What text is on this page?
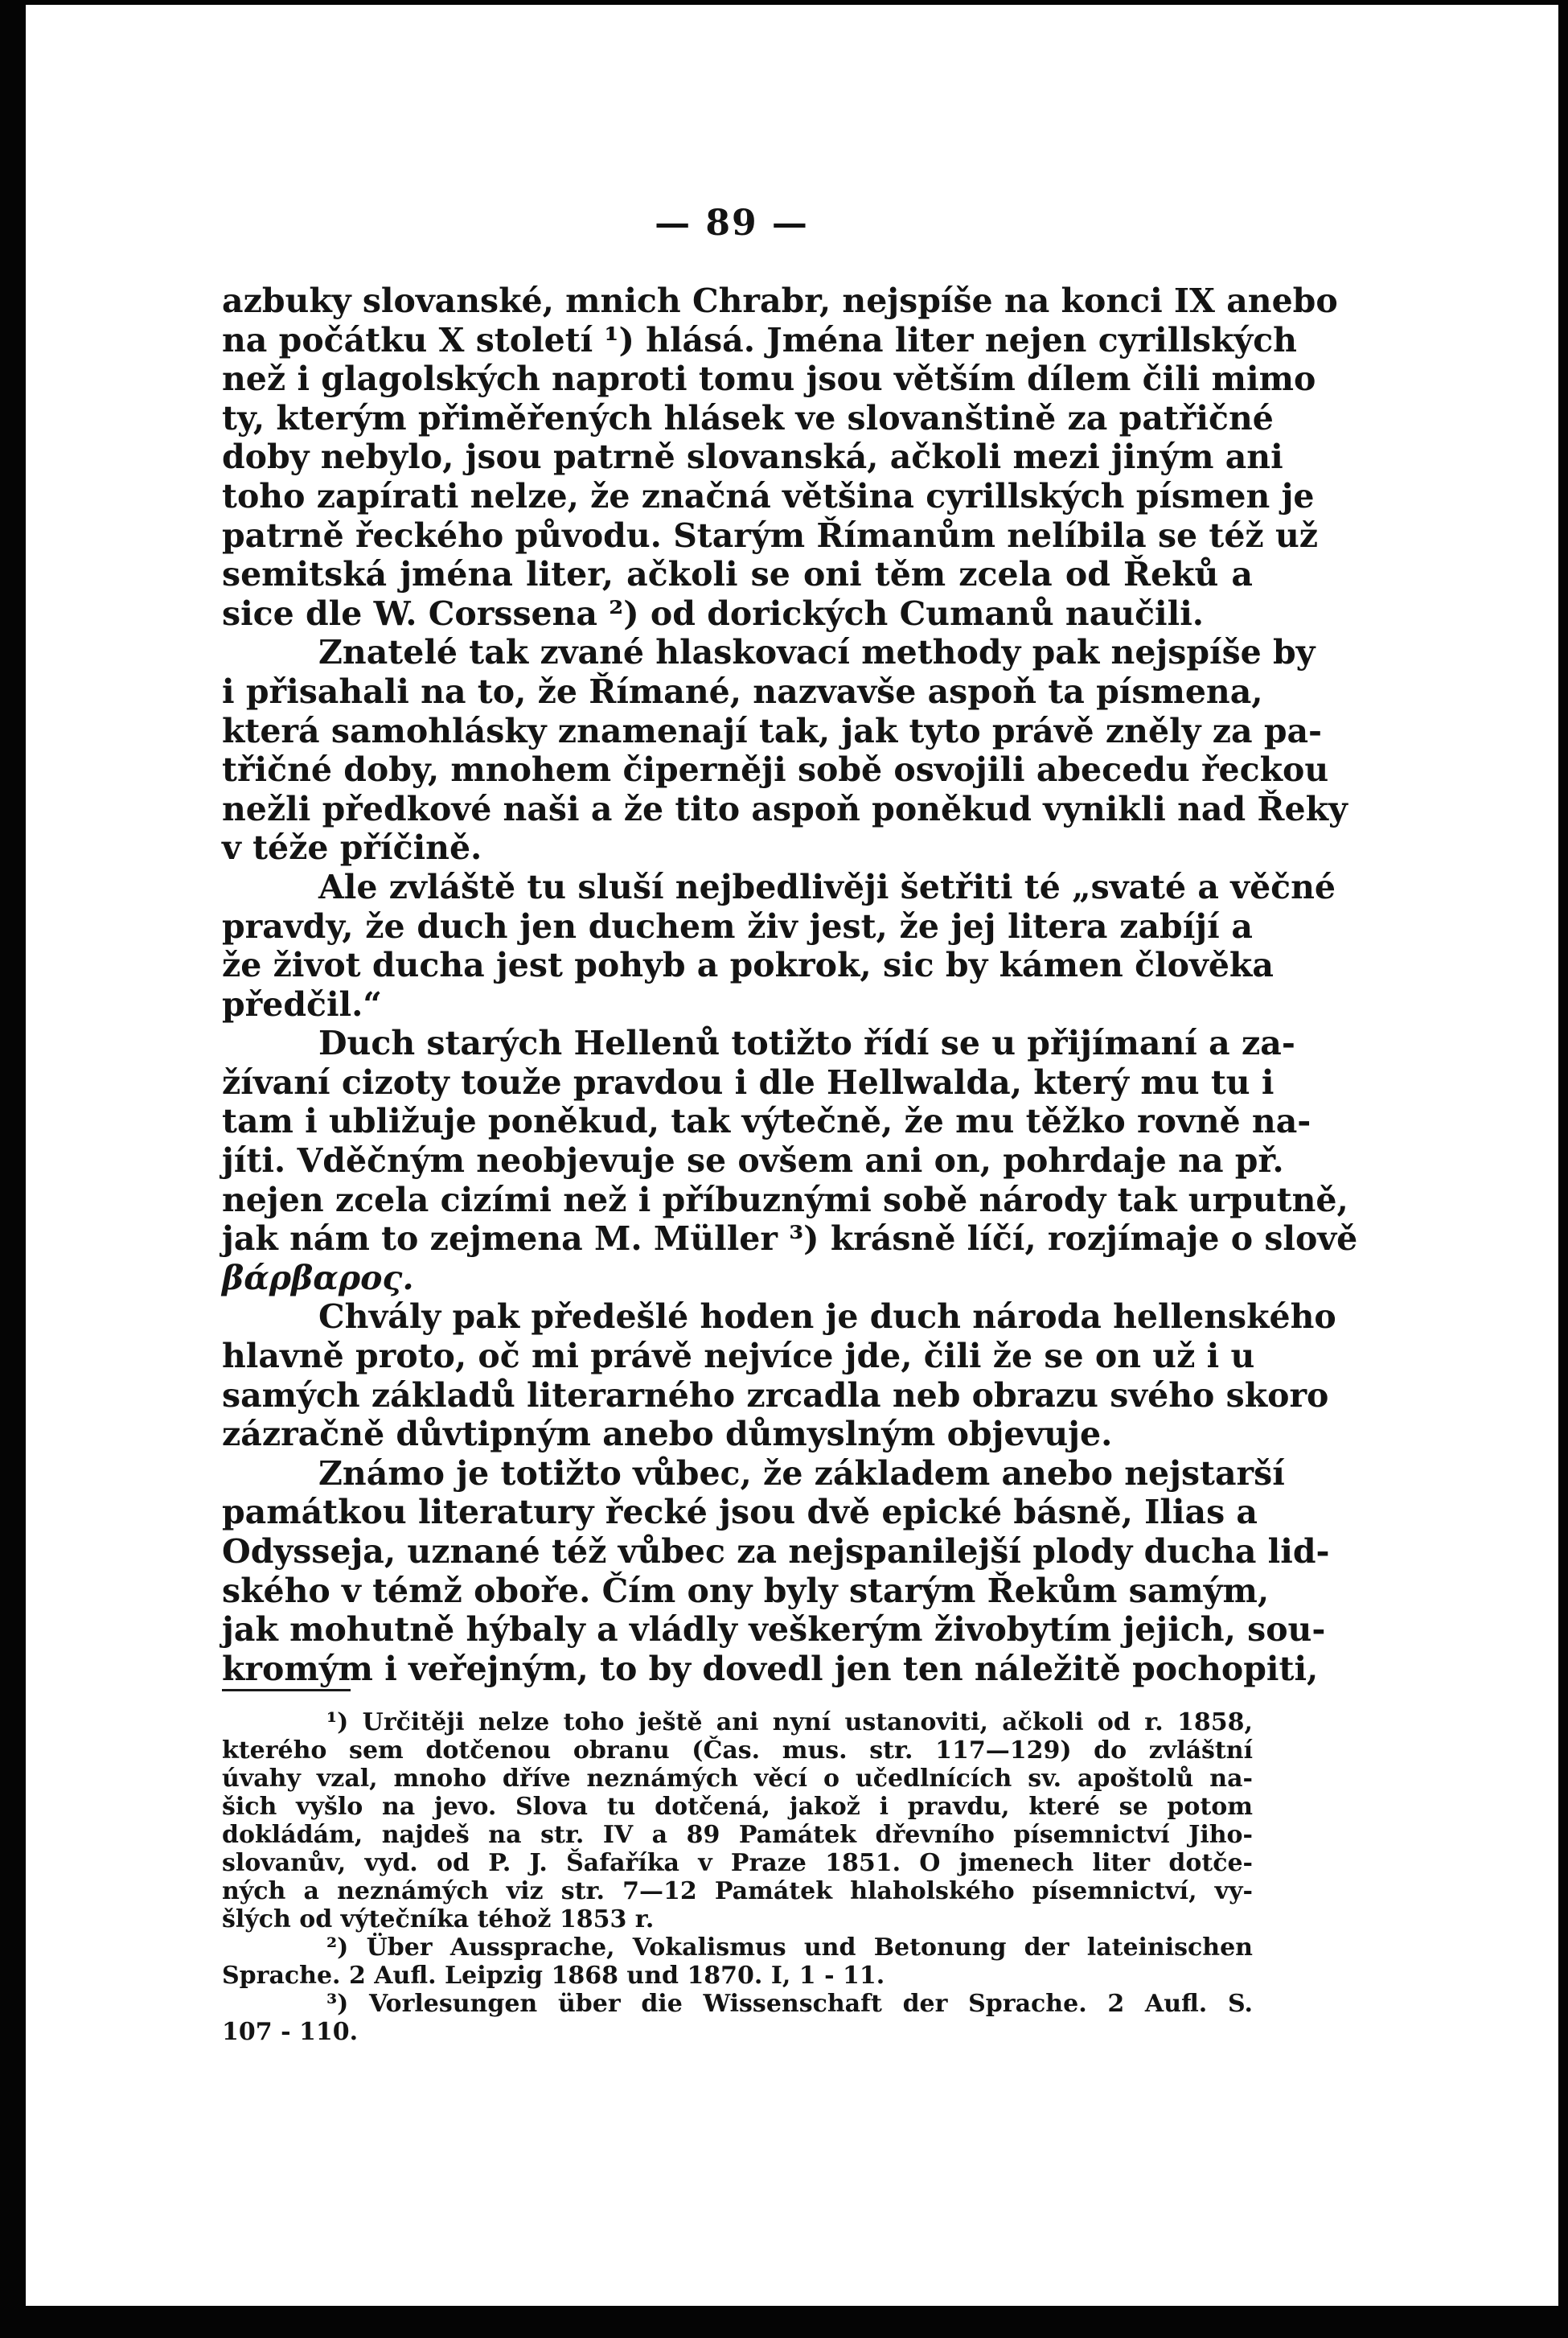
— 89 —
azbuky slovanské, mnich Chrabr, nejspíše na konci IX anebo
na počátku X století ¹) hlásá. Jména liter nejen cyrillských
než i glagolských naproti tomu jsou větším dílem čili mimo
ty, kterým přiměřených hlásek ve slovanštině za patřičné
doby nebylo, jsou patrně slovanská, ačkoli mezi jiným ani
toho zapírati nelze, že značná většina cyrillských písmen je
patrně řeckého původu. Starým Římanům nelíbila se též už
semitská jména liter, ačkoli se oni těm zcela od Řeků a
sice dle W. Corssena ²) od dorických Cumanů naučili.
Znatelé tak zvané hlaskovací methody pak nejspíše by
i přisahali na to, že Římané, nazvavše aspoň ta písmena,
která samohlásky znamenají tak, jak tyto právě zněly za pa-
třičné doby, mnohem čiperněji sobě osvojili abecedu řeckou
nežli předkové naši a že tito aspoň poněkud vynikli nad Řeky
v téže příčině.
Ale zvláště tu sluší nejbedlivěji šetřiti té „svaté a věčné
pravdy, že duch jen duchem živ jest, že jej litera zabíjí a
že život ducha jest pohyb a pokrok, sic by kámen člověka
předčil.“
Duch starých Hellenů totižto řídí se u přijímaní a za-
žívaní cizoty touže pravdou i dle Hellwalda, který mu tu i
tam i ubližuje poněkud, tak výtečně, že mu těžko rovně na-
jíti. Vděčným neobjevuje se ovšem ani on, pohrdaje na př.
nejen zcela cizími než i příbuznými sobě národy tak urputně,
jak nám to zejmena M. Müller ³) krásně líčí, rozjímaje o slově
βάρβαρος.
Chvály pak předešlé hoden je duch národa hellenského
hlavně proto, oč mi právě nejvíce jde, čili že se on už i u
samých základů literarného zrcadla neb obrazu svého skoro
zázračně důvtipným anebo důmyslným objevuje.
Známo je totižto vůbec, že základem anebo nejstarší
památkou literatury řecké jsou dvě epické básně, Ilias a
Odysseja, uznané též vůbec za nejspanilejší plody ducha lid-
ského v témž oboře. Čím ony byly starým Řekům samým,
jak mohutně hýbaly a vládly veškerým živobytím jejich, sou-
kromým i veřejným, to by dovedl jen ten náležitě pochopiti,
¹) Určitěji nelze toho ještě ani nyní ustanoviti, ačkoli od r. 1858,
kterého sem dotčenou obranu (Čas. mus. str. 117—129) do zvláštní
úvahy vzal, mnoho dříve neznámých věcí o učedlnících sv. apoštolů na-
šich vyšlo na jevo. Slova tu dotčená, jakož i pravdu, které se potom
dokládám, najdeš na str. IV a 89 Památek dřevního písemnictví Jiho-
slovanův, vyd. od P. J. Šafaříka v Praze 1851. O jmenech liter dotče-
ných a neznámých viz str. 7—12 Památek hlaholského písemnictví, vy-
šlých od výtečníka téhož 1853 r.
²) Über Aussprache, Vokalismus und Betonung der lateinischen
Sprache. 2 Aufl. Leipzig 1868 und 1870. I, 1 - 11.
³) Vorlesungen über die Wissenschaft der Sprache. 2 Aufl. S.
107 - 110.
